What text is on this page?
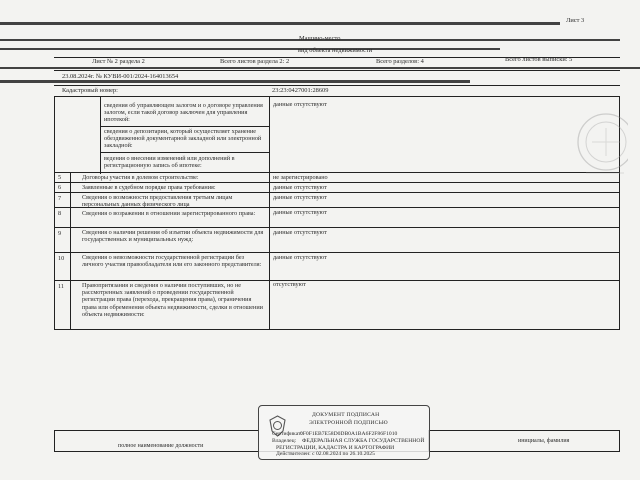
Лист 3
Машино-место
вид объекта недвижимости
Лист № 2 раздела 2	Всего листов раздела 2: 2	Всего разделов: 4	Всего листов выписки: 5
23.08.2024г. № КУВИ-001/2024-164013654
Кадастровый номер:	23:23:0427001:28609
сведения об управляющем залогом и о договоре управления залогом, если такой договор заключен для управления ипотекой:
данные отсутствуют
сведения о депозитарии, который осуществляет хранение обездвиженной документарной закладной или электронной закладной:
ведения о внесении изменений или дополнений в регистрационную запись об ипотеке:
5	Договоры участия в долевом строительстве:	не зарегистрировано
6	Заявленные в судебном порядке права требования:	данные отсутствуют
7	Сведения о возможности предоставления третьим лицам персональных данных физического лица
данные отсутствуют
8	Сведения о возражении в отношении зарегистрированного права:	данные отсутствуют
9	Сведения о наличии решения об изъятии объекта недвижимости для государственных и муниципальных нужд:
данные отсутствуют
10	Сведения о невозможности государственной регистрации без личного участия правообладателя или его законного представителя:
данные отсутствуют
11	Правопритязания и сведения о наличии поступивших, но не рассмотренных заявлений о проведении государственной регистрации права (перехода, прекращения права), ограничения права или обременения объекта недвижимости, сделки в отношении объекта недвижимости:
отсутствуют
полное наименование должности
инициалы, фамилия
ДОКУМЕНТ ПОДПИСАН
ЭЛЕКТРОННОЙ ПОДПИСЬЮ
Сертификат:
0F0F1EB7E58D0DB0A1BA6F2F86F1010
Владелец: ФЕДЕРАЛЬНАЯ СЛУЖБА ГОСУДАРСТВЕННОЙ
РЕГИСТРАЦИИ, КАДАСТРА И КАРТОГРАФИИ
Действителен: с 02.08.2024 по 26.10.2025
